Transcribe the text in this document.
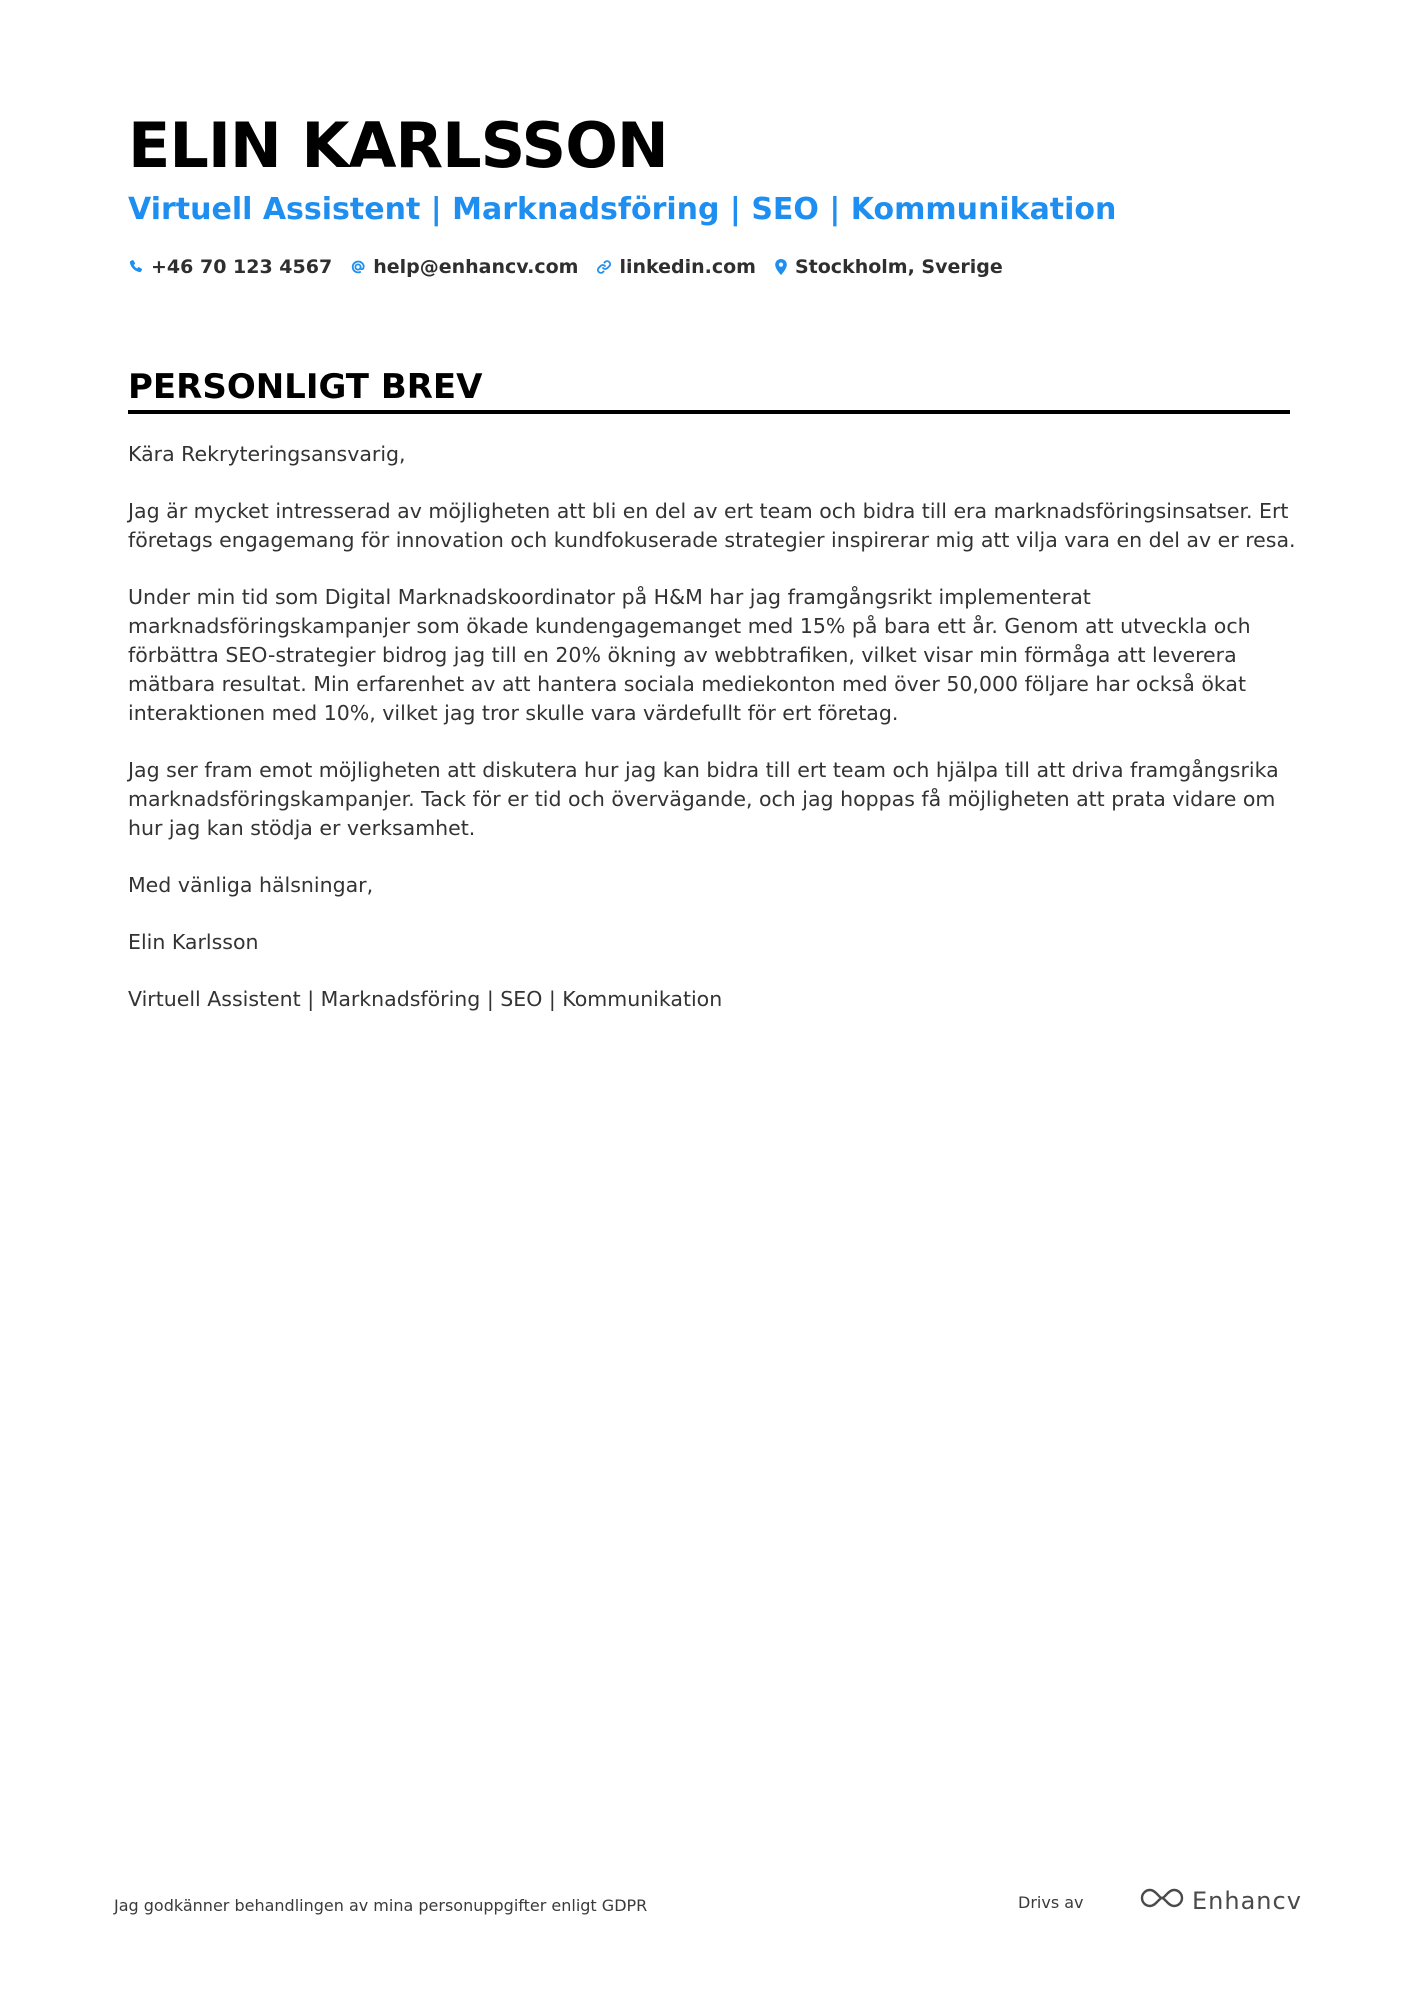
ELIN KARLSSON
Virtuell Assistent | Marknadsföring | SEO | Kommunikation
+46 70 123 4567 help@enhancv.com linkedin.com Stockholm, Sverige
PERSONLIGT BREV

Kära Rekryteringsansvarig,

Jag är mycket intresserad av möjligheten att bli en del av ert team och bidra till era marknadsföringsinsatser. Ert företags engagemang för innovation och kundfokuserade strategier inspirerar mig att vilja vara en del av er resa.

Under min tid som Digital Marknadskoordinator på H&M har jag framgångsrikt implementerat marknadsföringskampanjer som ökade kundengagemanget med 15% på bara ett år. Genom att utveckla och förbättra SEO-strategier bidrog jag till en 20% ökning av webbtrafiken, vilket visar min förmåga att leverera mätbara resultat. Min erfarenhet av att hantera sociala mediekonton med över 50,000 följare har också ökat interaktionen med 10%, vilket jag tror skulle vara värdefullt för ert företag.

Jag ser fram emot möjligheten att diskutera hur jag kan bidra till ert team och hjälpa till att driva framgångsrika marknadsföringskampanjer. Tack för er tid och övervägande, och jag hoppas få möjligheten att prata vidare om hur jag kan stödja er verksamhet.

Med vänliga hälsningar,

Elin Karlsson

Virtuell Assistent | Marknadsföring | SEO | Kommunikation

Jag godkänner behandlingen av mina personuppgifter enligt GDPR	Drivs av	Enhancv
